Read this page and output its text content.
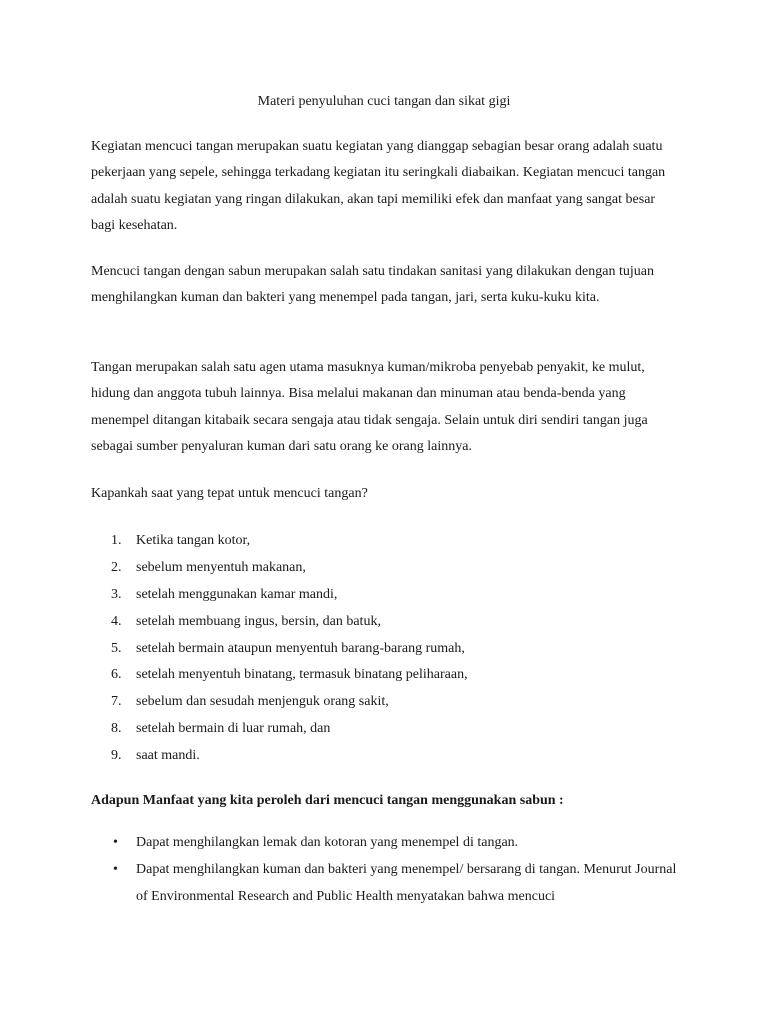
Materi penyuluhan cuci tangan dan sikat gigi

Kegiatan mencuci tangan merupakan suatu kegiatan yang dianggap sebagian besar orang adalah suatu pekerjaan yang sepele, sehingga terkadang kegiatan itu seringkali diabaikan. Kegiatan mencuci tangan adalah suatu kegiatan yang ringan dilakukan, akan tapi memiliki efek dan manfaat yang sangat besar bagi kesehatan.

Mencuci tangan dengan sabun merupakan salah satu tindakan sanitasi yang dilakukan dengan tujuan menghilangkan kuman dan bakteri yang menempel pada tangan, jari, serta kuku-kuku kita.

Tangan merupakan salah satu agen utama masuknya kuman/mikroba penyebab penyakit, ke mulut, hidung dan anggota tubuh lainnya. Bisa melalui makanan dan minuman atau benda-benda yang menempel ditangan kitabaik secara sengaja atau tidak sengaja. Selain untuk diri sendiri tangan juga sebagai sumber penyaluran kuman dari satu orang ke orang lainnya.

Kapankah saat yang tepat untuk mencuci tangan?

1.	Ketika tangan kotor,
2.	sebelum menyentuh makanan,
3.	setelah menggunakan kamar mandi,
4.	setelah membuang ingus, bersin, dan batuk,
5.	setelah bermain ataupun menyentuh barang-barang rumah,
6.	setelah menyentuh binatang, termasuk binatang peliharaan,
7.	sebelum dan sesudah menjenguk orang sakit,
8.	setelah bermain di luar rumah, dan
9.	saat mandi.
Adapun Manfaat yang kita peroleh dari mencuci tangan menggunakan sabun :
• Dapat menghilangkan lemak dan kotoran yang menempel di tangan.
• Dapat menghilangkan kuman dan bakteri yang menempel/ bersarang di tangan. Menurut Journal of Environmental Research and Public Health menyatakan bahwa mencuci
